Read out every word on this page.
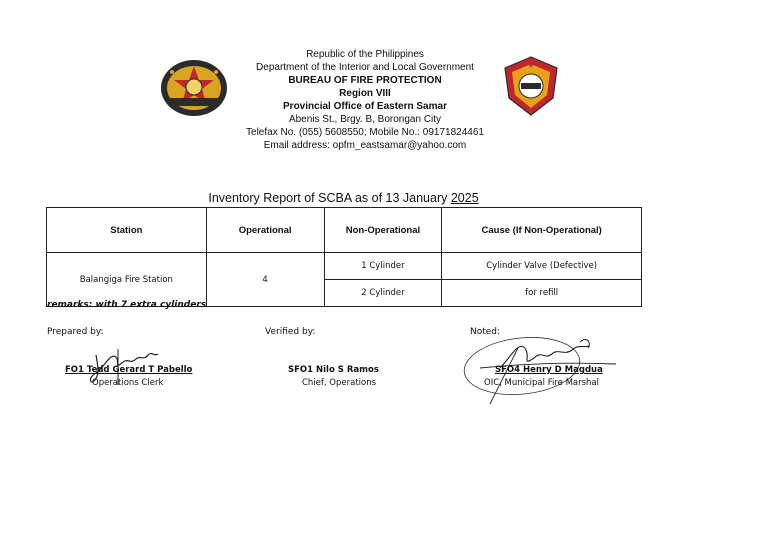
Republic of the Philippines
Department of the Interior and Local Government
BUREAU OF FIRE PROTECTION
Region VIII
Provincial Office of Eastern Samar
Abenis St., Brgy. B, Borongan City
Telefax No. (055) 5608550; Mobile No.: 09171824461
Email address: opfm_eastsamar@yahoo.com
Inventory Report of SCBA as of 13 January 2025
Station	Operational	Non-Operational	Cause (If Non-Operational)
Balangiga Fire Station	4	1 Cylinder	Cylinder Valve (Defective)
		2 Cylinder	for refill
remarks: with 7 extra cylinders
Prepared by:	Verified by:	Noted:
FO1 Tedd Gerard T Pabello
Operations Clerk
SFO1 Nilo S Ramos
Chief, Operations
SFO4 Henry D Magdua
OIC, Municipal Fire Marshal
